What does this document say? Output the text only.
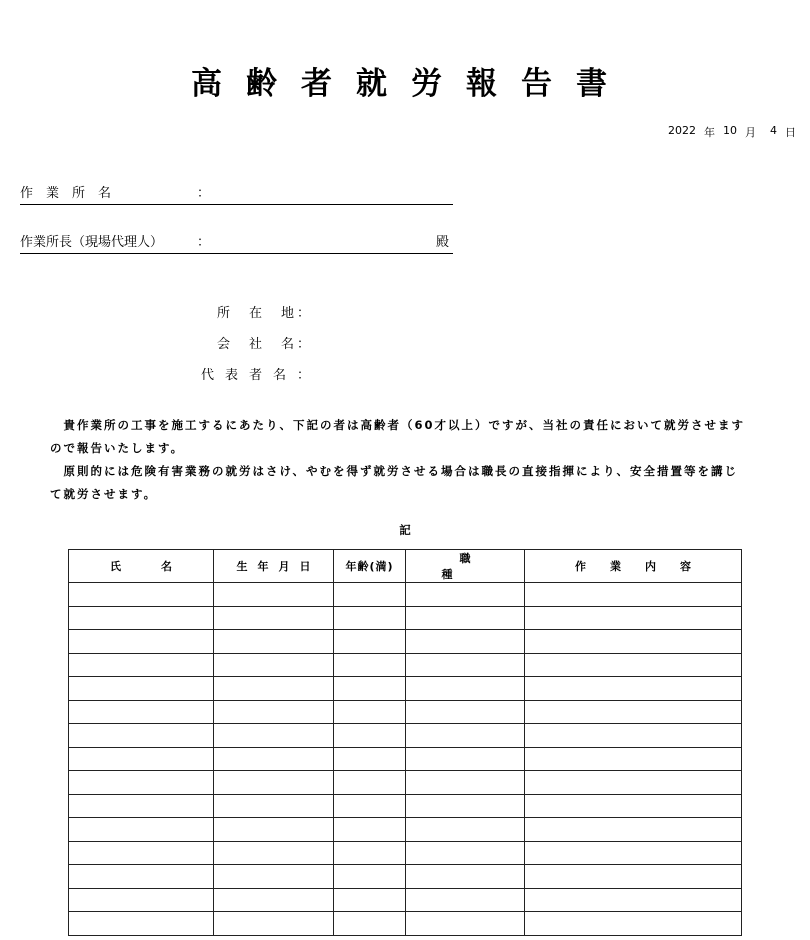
高齢者就労報告書
2022 年 10 月 4 日
作業所名	：
作業所長（現場代理人）	：	殿
所　在　地 ：
会　社　名 ：
代表者名 ：
　貴作業所の工事を施工するにあたり、下記の者は高齢者（60才以上）ですが、当社の責任において就労させますので報告いたします。
　原則的には危険有害業務の就労はさけ、やむを得ず就労させる場合は職長の直接指揮により、安全措置等を講じて就労させます。
記
氏名	生年月日	年齢(満)	職種	作業内容
